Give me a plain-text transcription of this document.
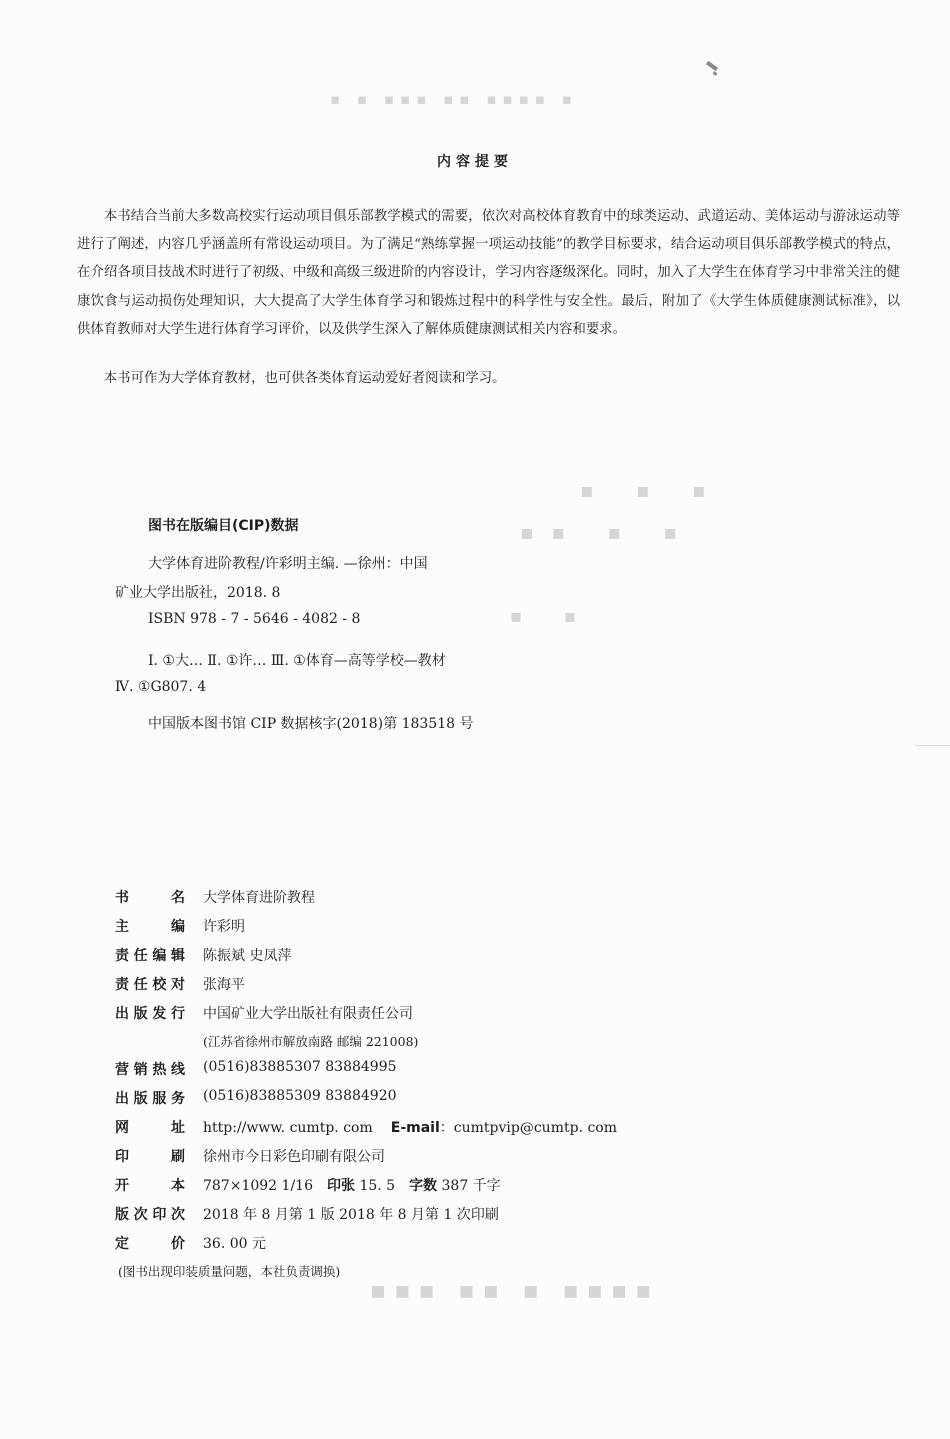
▪ ▪ ▪▪▪ ▪▪ ▪▪▪▪ ▪
▪ ▪ ▪
▪▪ ▪ ▪
▪ ▪
▪▪▪ ▪▪ ▪ ▪▪▪▪
内容提要

本书结合当前大多数高校实行运动项目俱乐部教学模式的需要，依次对高校体育教育中的球类运动、武道运动、美体运动与游泳运动等进行了阐述，内容几乎涵盖所有常设运动项目。为了满足“熟练掌握一项运动技能”的教学目标要求，结合运动项目俱乐部教学模式的特点，在介绍各项目技战术时进行了初级、中级和高级三级进阶的内容设计，学习内容逐级深化。同时，加入了大学生在体育学习中非常关注的健康饮食与运动损伤处理知识，大大提高了大学生体育学习和锻炼过程中的科学性与安全性。最后，附加了《大学生体质健康测试标准》，以供体育教师对大学生进行体育学习评价，以及供学生深入了解体质健康测试相关内容和要求。

本书可作为大学体育教材，也可供各类体育运动爱好者阅读和学习。

图书在版编目(CIP)数据
大学体育进阶教程/许彩明主编. —徐州：中国
矿业大学出版社，2018. 8
ISBN 978 - 7 - 5646 - 4082 - 8
Ⅰ. ①大… Ⅱ. ①许… Ⅲ. ①体育—高等学校—教材
Ⅳ. ①G807. 4
中国版本图书馆 CIP 数据核字(2018)第 183518 号
书名 大学体育进阶教程
主编 许彩明
责任编辑 陈振斌 史凤萍
责任校对 张海平
出版发行 中国矿业大学出版社有限责任公司
(江苏省徐州市解放南路 邮编 221008)
营销热线 (0516)83885307 83884995
出版服务 (0516)83885309 83884920
网址 http://www. cumtp. com E-mail：cumtpvip@cumtp. com
印刷 徐州市今日彩色印刷有限公司
开本 787×1092 1/16 印张 15. 5 字数 387 千字
版次印次 2018 年 8 月第 1 版 2018 年 8 月第 1 次印刷
定价 36. 00 元
(图书出现印装质量问题，本社负责调换)
